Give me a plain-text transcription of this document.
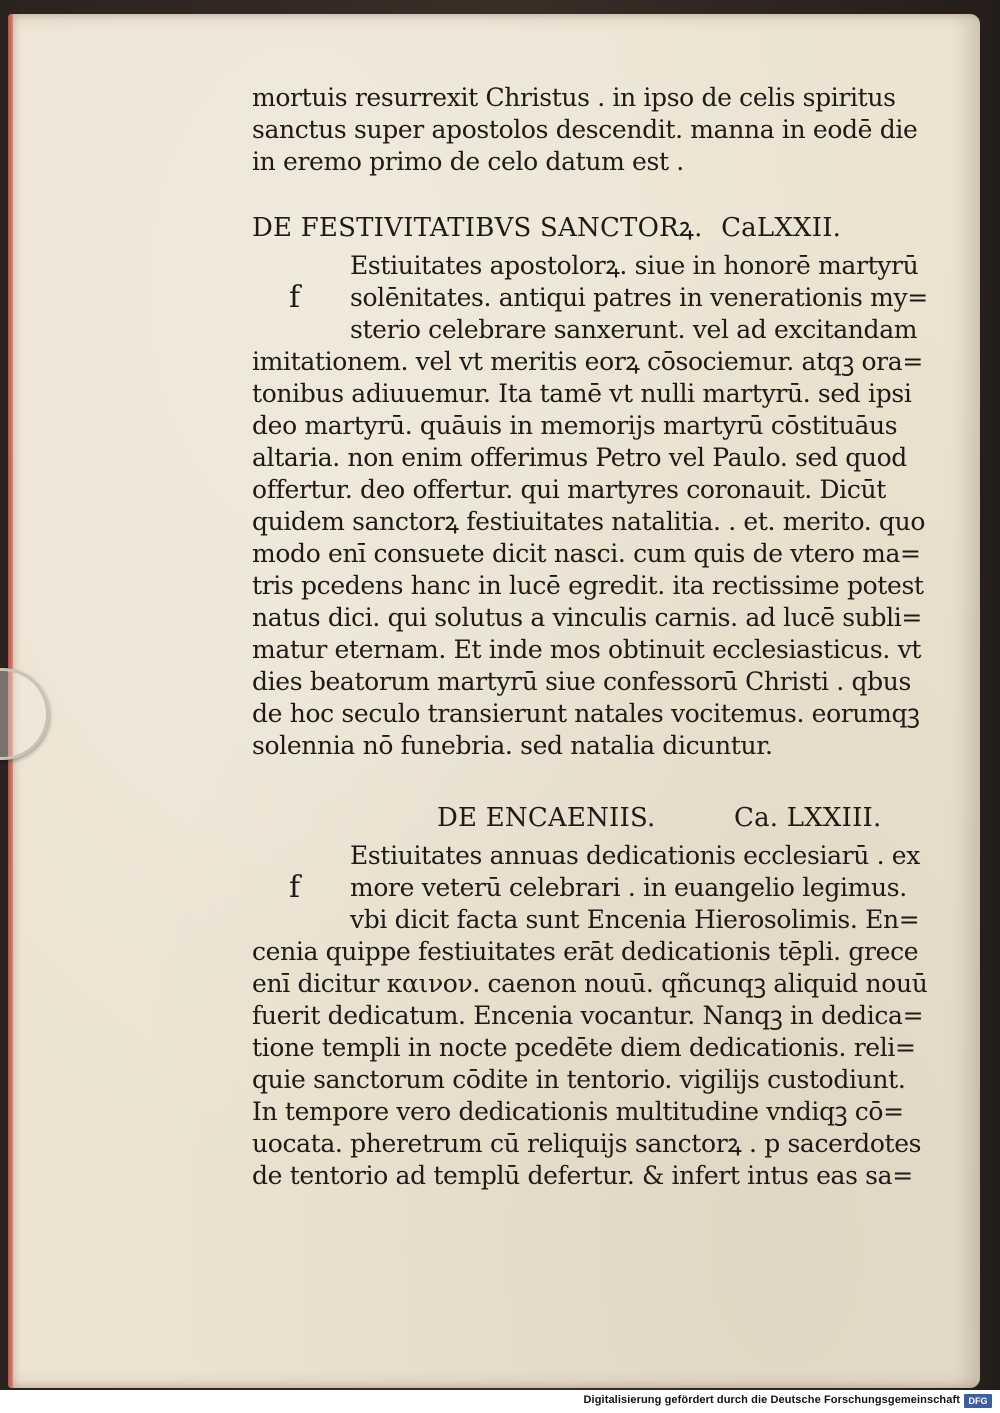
mortuis resurrexit Christus . in ipso de celis spiritus
sanctus super apostolos descendit. manna in eodē die
in eremo primo de celo datum est .
DE FESTIVITATIBVS SANCTORꝝ. CaLXXII.
f
Estiuitates apostolorꝝ. siue in honorē martyrū
solēnitates. antiqui patres in venerationis my=
sterio celebrare sanxerunt. vel ad excitandam
imitationem. vel vt meritis eorꝝ cōsociemur. atqꝫ ora=
tonibus adiuuemur. Ita tamē vt nulli martyrū. sed ipsi
deo martyrū. quāuis in memorijs martyrū cōstituāus
altaria. non enim offerimus Petro vel Paulo. sed quod
offertur. deo offertur. qui martyres coronauit. Dicūt
quidem sanctorꝝ festiuitates natalitia. . et. merito. quo
modo enī consuete dicit nasci. cum quis de vtero ma=
tris pcedens hanc in lucē egredit. ita rectissime potest
natus dici. qui solutus a vinculis carnis. ad lucē subli=
matur eternam. Et inde mos obtinuit ecclesiasticus. vt
dies beatorum martyrū siue confessorū Christi . qbus
de hoc seculo transierunt natales vocitemus. eorumqꝫ
solennia nō funebria. sed natalia dicuntur.
DE ENCAENIIS.	Ca. LXXIII.
f
Estiuitates annuas dedicationis ecclesiarū . ex
more veterū celebrari . in euangelio legimus.
vbi dicit facta sunt Encenia Hierosolimis. En=
cenia quippe festiuitates erāt dedicationis tēpli. grece
enī dicitur καινον. caenon nouū. qñcunqꝫ aliquid nouū
fuerit dedicatum. Encenia vocantur. Nanqꝫ in dedica=
tione templi in nocte pcedēte diem dedicationis. reli=
quie sanctorum cōdite in tentorio. vigilijs custodiunt.
In tempore vero dedicationis multitudine vndiqꝫ cō=
uocata. pheretrum cū reliquijs sanctorꝝ . p sacerdotes
de tentorio ad templū defertur. & infert intus eas sa=
Digitalisierung gefördert durch die Deutsche Forschungsgemeinschaft DFG
